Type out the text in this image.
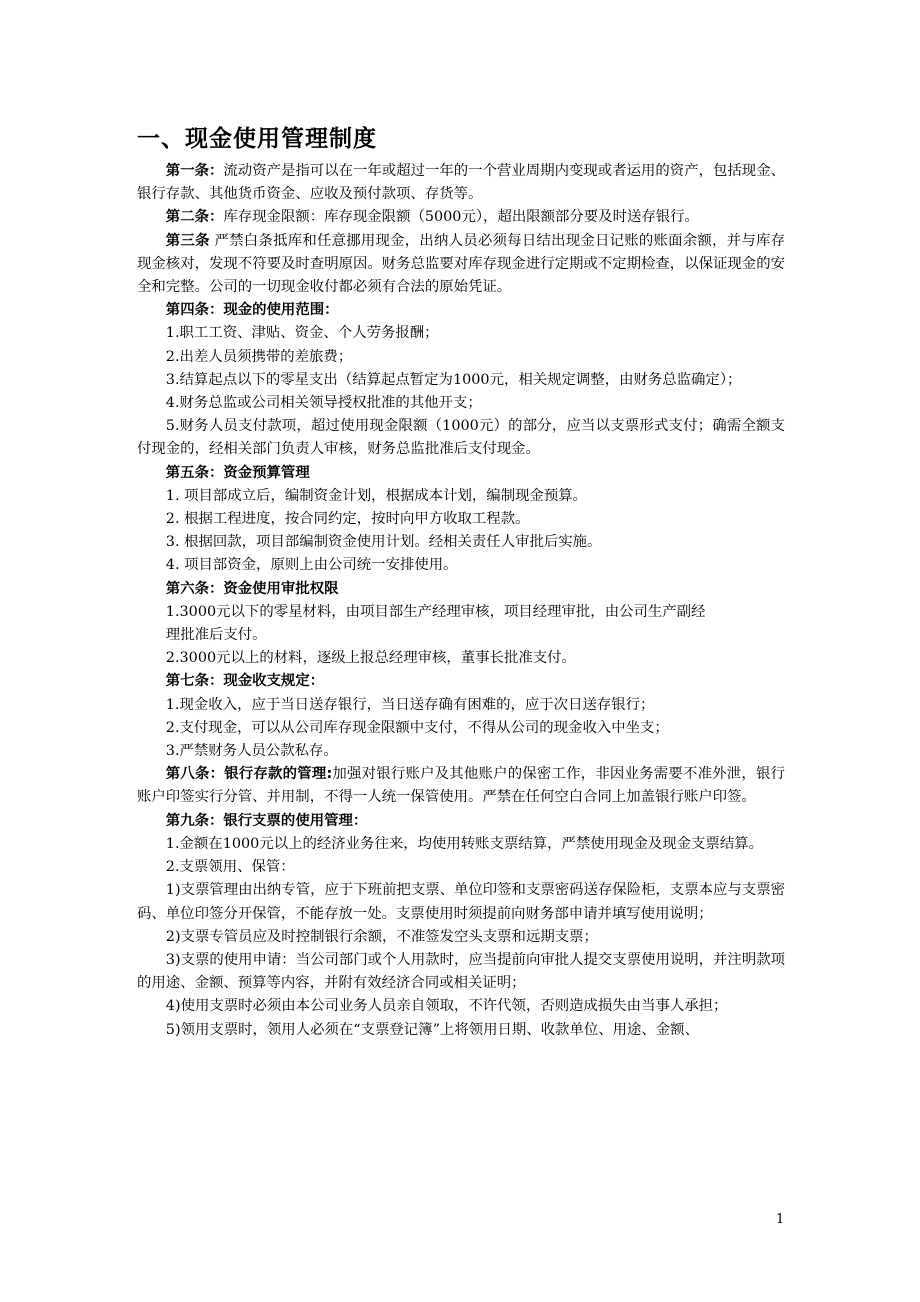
一、现金使用管理制度

第一条：流动资产是指可以在一年或超过一年的一个营业周期内变现或者运用的资产，包括现金、银行存款、其他货币资金、应收及预付款项、存货等。

第二条：库存现金限额：库存现金限额（5000元），超出限额部分要及时送存银行。

第三条 严禁白条抵库和任意挪用现金，出纳人员必须每日结出现金日记账的账面余额，并与库存现金核对，发现不符要及时查明原因。财务总监要对库存现金进行定期或不定期检查，以保证现金的安全和完整。公司的一切现金收付都必须有合法的原始凭证。

第四条：现金的使用范围：

1.职工工资、津贴、资金、个人劳务报酬；

2.出差人员须携带的差旅费；

3.结算起点以下的零星支出（结算起点暂定为1000元，相关规定调整，由财务总监确定）；

4.财务总监或公司相关领导授权批准的其他开支；

5.财务人员支付款项，超过使用现金限额（1000元）的部分，应当以支票形式支付；确需全额支付现金的，经相关部门负责人审核，财务总监批准后支付现金。

第五条：资金预算管理

1. 项目部成立后，编制资金计划，根据成本计划，编制现金预算。

2. 根据工程进度，按合同约定，按时向甲方收取工程款。

3. 根据回款，项目部编制资金使用计划。经相关责任人审批后实施。

4. 项目部资金，原则上由公司统一安排使用。

第六条：资金使用审批权限

1.3000元以下的零星材料，由项目部生产经理审核，项目经理审批，由公司生产副经

理批准后支付。

2.3000元以上的材料，逐级上报总经理审核，董事长批准支付。

第七条：现金收支规定：

1.现金收入，应于当日送存银行，当日送存确有困难的，应于次日送存银行；

2.支付现金，可以从公司库存现金限额中支付，不得从公司的现金收入中坐支；

3.严禁财务人员公款私存。

第八条：银行存款的管理:加强对银行账户及其他账户的保密工作，非因业务需要不准外泄，银行账户印签实行分管、并用制，不得一人统一保管使用。严禁在任何空白合同上加盖银行账户印签。

第九条：银行支票的使用管理：

1.金额在1000元以上的经济业务往来，均使用转账支票结算，严禁使用现金及现金支票结算。

2.支票领用、保管：

1)支票管理由出纳专管，应于下班前把支票、单位印签和支票密码送存保险柜，支票本应与支票密码、单位印签分开保管，不能存放一处。支票使用时须提前向财务部申请并填写使用说明；

2)支票专管员应及时控制银行余额，不准签发空头支票和远期支票；

3)支票的使用申请：当公司部门或个人用款时，应当提前向审批人提交支票使用说明，并注明款项的用途、金额、预算等内容，并附有效经济合同或相关证明；

4)使用支票时必须由本公司业务人员亲自领取，不许代领，否则造成损失由当事人承担；

5)领用支票时，领用人必须在“支票登记簿”上将领用日期、收款单位、用途、金额、

1
